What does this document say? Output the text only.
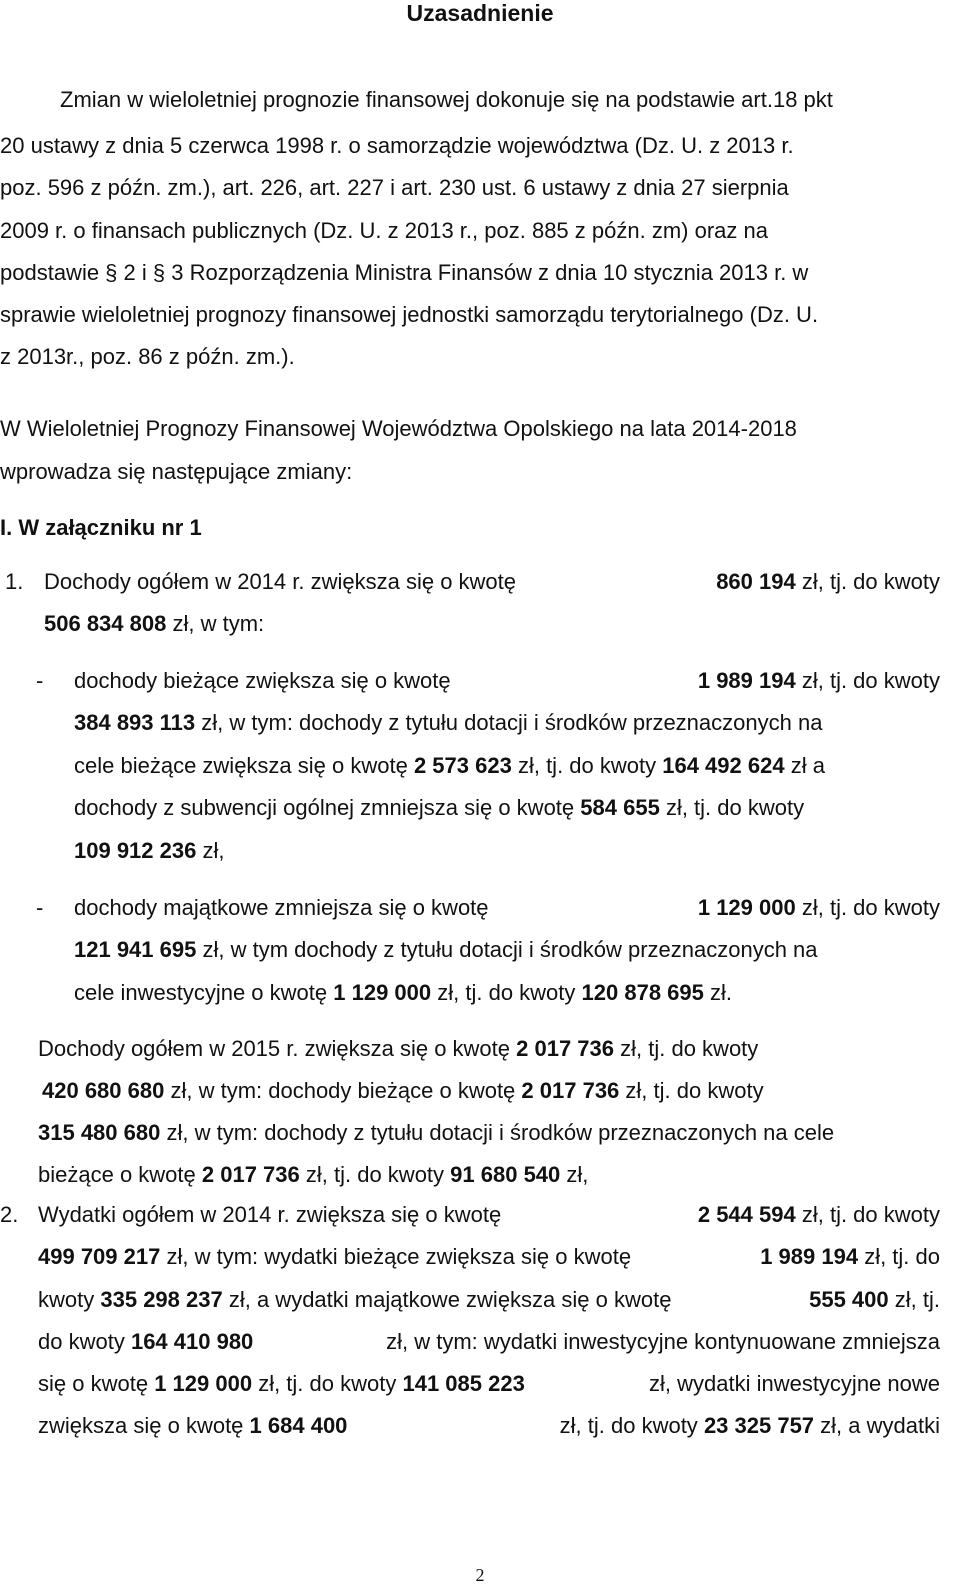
Uzasadnienie

Zmian w wieloletniej prognozie finansowej dokonuje się na podstawie art.18 pkt

20 ustawy z dnia 5 czerwca 1998 r. o samorządzie województwa (Dz. U. z 2013 r.

poz. 596 z późn. zm.), art. 226, art. 227 i art. 230 ust. 6 ustawy z dnia 27 sierpnia

2009 r. o finansach publicznych (Dz. U. z 2013 r., poz. 885 z późn. zm) oraz na

podstawie § 2 i § 3 Rozporządzenia Ministra Finansów z dnia 10 stycznia 2013 r. w

sprawie wieloletniej prognozy finansowej jednostki samorządu terytorialnego (Dz. U.

z 2013r., poz. 86 z późn. zm.).

W Wieloletniej Prognozy Finansowej Województwa Opolskiego na lata 2014-2018

wprowadza się następujące zmiany:

I. W załączniku nr 1

1. Dochody ogółem w 2014 r. zwiększa się o kwotę	860 194 zł, tj. do kwoty

506 834 808 zł, w tym:

- dochody bieżące zwiększa się o kwotę	1 989 194 zł, tj. do kwoty

384 893 113 zł, w tym: dochody z tytułu dotacji i środków przeznaczonych na

cele bieżące zwiększa się o kwotę 2 573 623 zł, tj. do kwoty 164 492 624 zł a

dochody z subwencji ogólnej zmniejsza się o kwotę 584 655 zł, tj. do kwoty

109 912 236 zł,

- dochody majątkowe zmniejsza się o kwotę	1 129 000 zł, tj. do kwoty

121 941 695 zł, w tym dochody z tytułu dotacji i środków przeznaczonych na

cele inwestycyjne o kwotę 1 129 000 zł, tj. do kwoty 120 878 695 zł.

Dochody ogółem w 2015 r. zwiększa się o kwotę 2 017 736 zł, tj. do kwoty

420 680 680 zł, w tym: dochody bieżące o kwotę 2 017 736 zł, tj. do kwoty

315 480 680 zł, w tym: dochody z tytułu dotacji i środków przeznaczonych na cele

bieżące o kwotę 2 017 736 zł, tj. do kwoty 91 680 540 zł,

2. Wydatki ogółem w 2014 r. zwiększa się o kwotę	2 544 594 zł, tj. do kwoty
499 709 217 zł, w tym: wydatki bieżące zwiększa się o kwotę	1 989 194 zł, tj. do
kwoty 335 298 237 zł, a wydatki majątkowe zwiększa się o kwotę	555 400 zł, tj.
do kwoty 164 410 980	zł, w tym: wydatki inwestycyjne kontynuowane zmniejsza
się o kwotę 1 129 000 zł, tj. do kwoty 141 085 223	zł, wydatki inwestycyjne nowe
zwiększa się o kwotę 1 684 400	zł, tj. do kwoty 23 325 757 zł, a wydatki

2
